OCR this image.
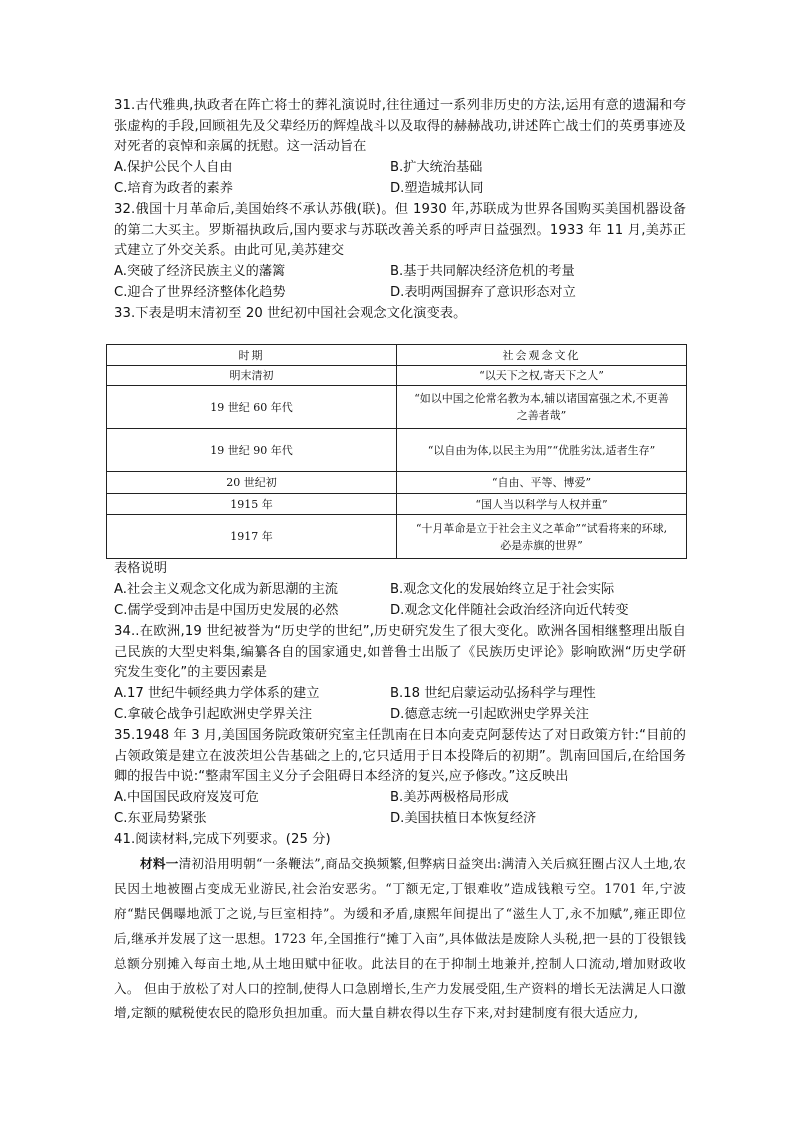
31.古代雅典,执政者在阵亡将士的葬礼演说时,往往通过一系列非历史的方法,运用有意的遗漏和夸张虚构的手段,回顾祖先及父辈经历的辉煌战斗以及取得的赫赫战功,讲述阵亡战士们的英勇事迹及对死者的哀悼和亲属的抚慰。这一活动旨在

A.保护公民个人自由	B.扩大统治基础
C.培育为政者的素养	D.塑造城邦认同

32.俄国十月革命后,美国始终不承认苏俄(联)。但 1930 年,苏联成为世界各国购买美国机器设备的第二大买主。罗斯福执政后,国内要求与苏联改善关系的呼声日益强烈。1933 年 11 月,美苏正式建立了外交关系。由此可见,美苏建交

A.突破了经济民族主义的藩篱	B.基于共同解决经济危机的考量
C.迎合了世界经济整体化趋势	D.表明两国摒弃了意识形态对立

33.下表是明末清初至 20 世纪初中国社会观念文化演变表。

时期	社会观念文化
明末清初	“以天下之权,寄天下之人”
19 世纪 60 年代	“如以中国之伦常名教为本,辅以诸国富强之术,不更善之善者哉”
19 世纪 90 年代	“以自由为体,以民主为用”“优胜劣汰,适者生存”
20 世纪初	“自由、平等、博爱”
1915 年	“国人当以科学与人权并重”
1917 年	“十月革命是立于社会主义之革命”“试看将来的环球,必是赤旗的世界”

表格说明

A.社会主义观念文化成为新思潮的主流	B.观念文化的发展始终立足于社会实际
C.儒学受到冲击是中国历史发展的必然	D.观念文化伴随社会政治经济向近代转变

34..在欧洲,19 世纪被誉为“历史学的世纪”,历史研究发生了很大变化。欧洲各国相继整理出版自己民族的大型史料集,编纂各自的国家通史,如普鲁士出版了《民族历史评论》影响欧洲“历史学研究发生变化”的主要因素是

A.17 世纪牛顿经典力学体系的建立	B.18 世纪启蒙运动弘扬科学与理性
C.拿破仑战争引起欧洲史学界关注	D.德意志统一引起欧洲史学界关注

35.1948 年 3 月,美国国务院政策研究室主任凯南在日本向麦克阿瑟传达了对日政策方针:“目前的占领政策是建立在波茨坦公告基础之上的,它只适用于日本投降后的初期”。凯南回国后,在给国务卿的报告中说:“整肃军国主义分子会阻碍日本经济的复兴,应予修改。”这反映出

A.中国国民政府岌岌可危	B.美苏两极格局形成
C.东亚局势紧张	D.美国扶植日本恢复经济

41.阅读材料,完成下列要求。(25 分)

材料一清初沿用明朝“一条鞭法”,商品交换频繁,但弊病日益突出:满清入关后疯狂圈占汉人土地,农民因土地被圈占变成无业游民,社会治安恶劣。“丁额无定,丁银难收”造成钱粮亏空。1701 年,宁波府“黠民偶曝地派丁之说,与巨室相持”。为缓和矛盾,康熙年间提出了“滋生人丁,永不加赋”,雍正即位后,继承并发展了这一思想。1723 年,全国推行“摊丁入亩”,具体做法是废除人头税,把一县的丁役银钱总额分别摊入每亩土地,从土地田赋中征收。此法目的在于抑制土地兼并,控制人口流动,增加财政收入。 但由于放松了对人口的控制,使得人口急剧增长,生产力发展受阻,生产资料的增长无法满足人口激增,定额的赋税使农民的隐形负担加重。而大量自耕农得以生存下来,对封建制度有很大适应力,
